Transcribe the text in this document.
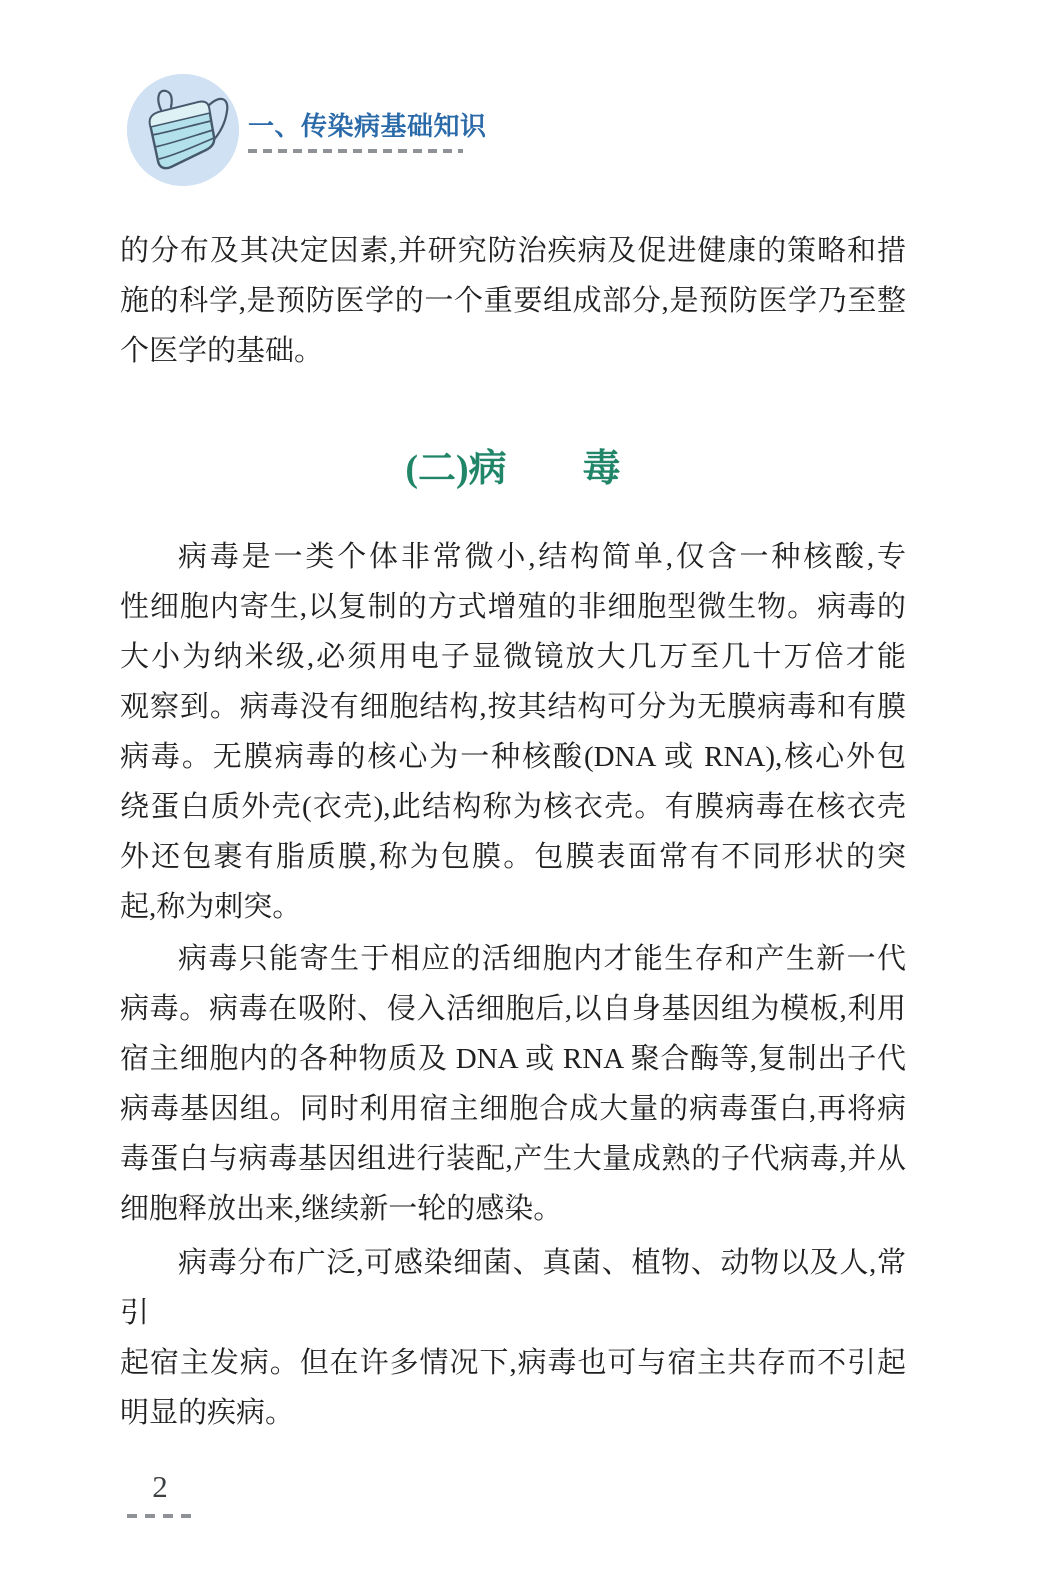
一、传染病基础知识
的分布及其决定因素,并研究防治疾病及促进健康的策略和措
施的科学,是预防医学的一个重要组成部分,是预防医学乃至整
个医学的基础。
(二)病　　毒
病毒是一类个体非常微小,结构简单,仅含一种核酸,专
性细胞内寄生,以复制的方式增殖的非细胞型微生物。病毒的
大小为纳米级,必须用电子显微镜放大几万至几十万倍才能
观察到。病毒没有细胞结构,按其结构可分为无膜病毒和有膜
病毒。无膜病毒的核心为一种核酸(DNA 或 RNA),核心外包
绕蛋白质外壳(衣壳),此结构称为核衣壳。有膜病毒在核衣壳
外还包裹有脂质膜,称为包膜。包膜表面常有不同形状的突
起,称为刺突。
病毒只能寄生于相应的活细胞内才能生存和产生新一代
病毒。病毒在吸附、侵入活细胞后,以自身基因组为模板,利用
宿主细胞内的各种物质及 DNA 或 RNA 聚合酶等,复制出子代
病毒基因组。同时利用宿主细胞合成大量的病毒蛋白,再将病
毒蛋白与病毒基因组进行装配,产生大量成熟的子代病毒,并从
细胞释放出来,继续新一轮的感染。
病毒分布广泛,可感染细菌、真菌、植物、动物以及人,常引
起宿主发病。但在许多情况下,病毒也可与宿主共存而不引起
明显的疾病。
2
